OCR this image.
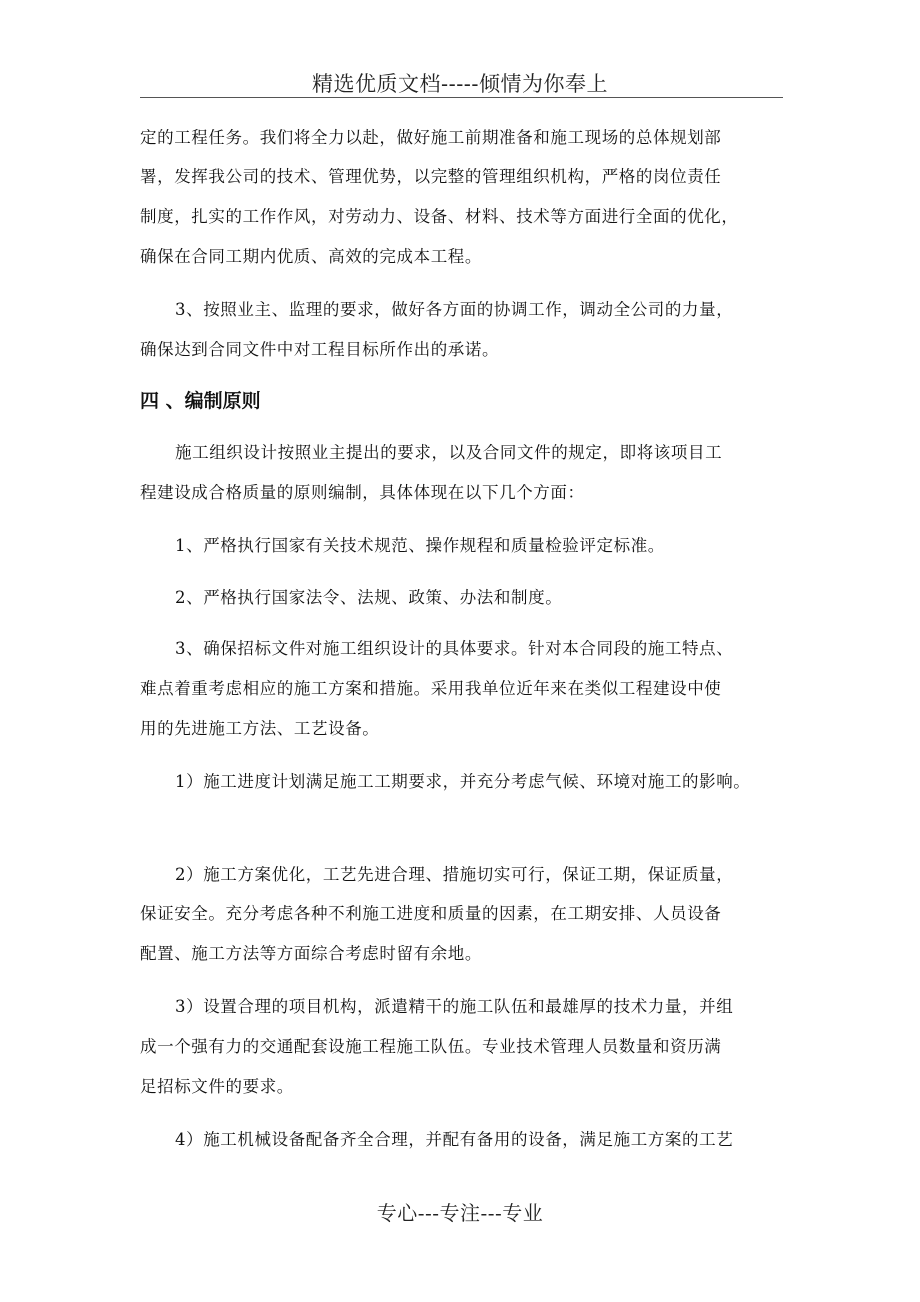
精选优质文档-----倾情为你奉上
定的工程任务。我们将全力以赴，做好施工前期准备和施工现场的总体规划部
署，发挥我公司的技术、管理优势，以完整的管理组织机构，严格的岗位责任
制度，扎实的工作作风，对劳动力、设备、材料、技术等方面进行全面的优化，
确保在合同工期内优质、高效的完成本工程。
3、按照业主、监理的要求，做好各方面的协调工作，调动全公司的力量，
确保达到合同文件中对工程目标所作出的承诺。
四 、编制原则
施工组织设计按照业主提出的要求，以及合同文件的规定，即将该项目工
程建设成合格质量的原则编制，具体体现在以下几个方面：
1、严格执行国家有关技术规范、操作规程和质量检验评定标准。
2、严格执行国家法令、法规、政策、办法和制度。
3、确保招标文件对施工组织设计的具体要求。针对本合同段的施工特点、
难点着重考虑相应的施工方案和措施。采用我单位近年来在类似工程建设中使
用的先进施工方法、工艺设备。
1）施工进度计划满足施工工期要求，并充分考虑气候、环境对施工的影响。
2）施工方案优化，工艺先进合理、措施切实可行，保证工期，保证质量，
保证安全。充分考虑各种不利施工进度和质量的因素，在工期安排、人员设备
配置、施工方法等方面综合考虑时留有余地。
3）设置合理的项目机构，派遣精干的施工队伍和最雄厚的技术力量，并组
成一个强有力的交通配套设施工程施工队伍。专业技术管理人员数量和资历满
足招标文件的要求。
4）施工机械设备配备齐全合理，并配有备用的设备，满足施工方案的工艺
专心---专注---专业
